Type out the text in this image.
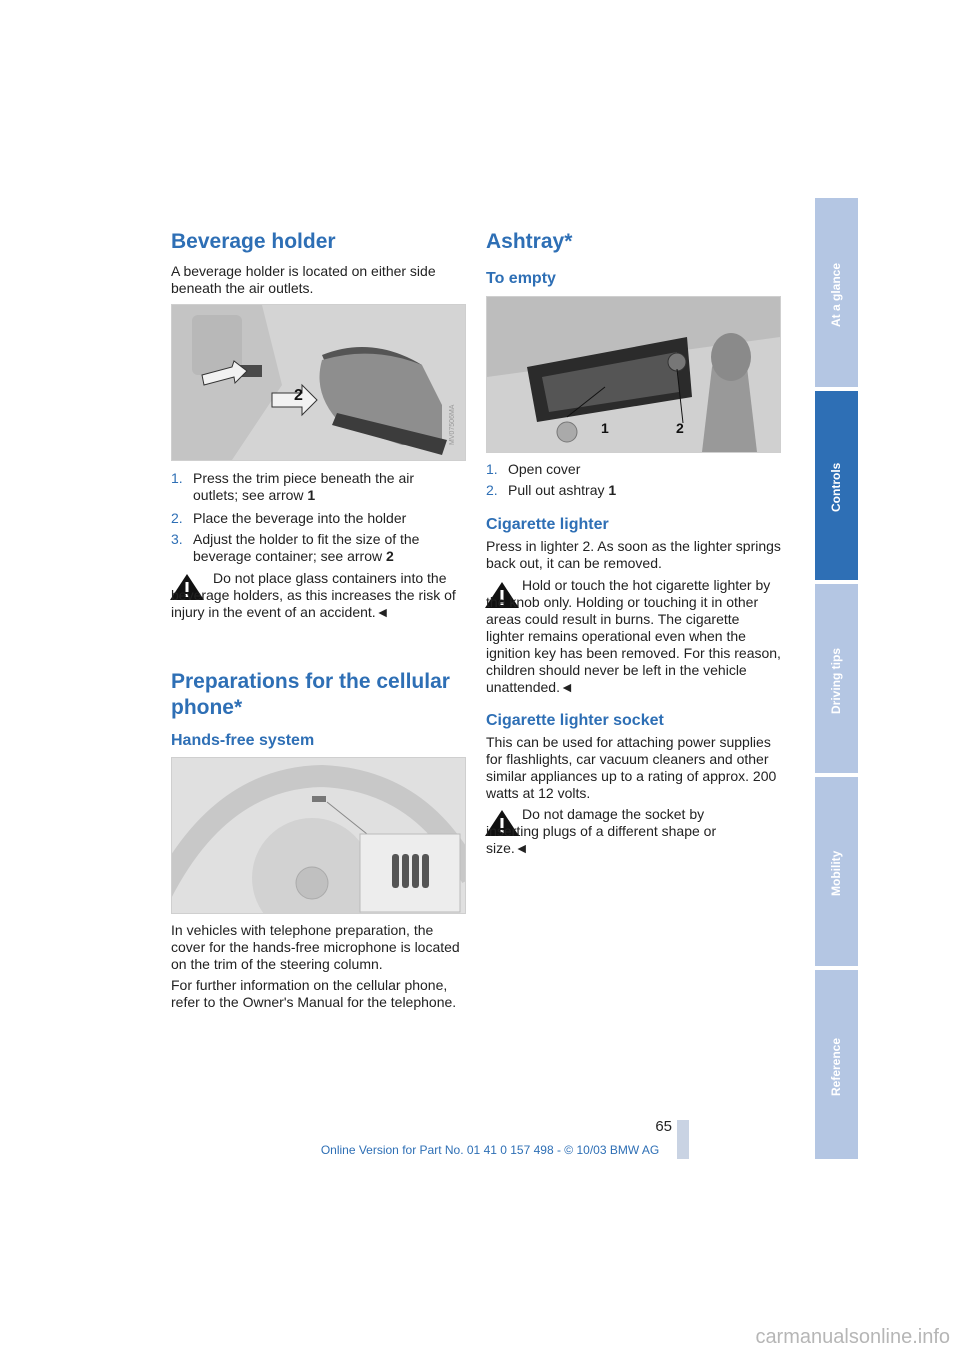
Beverage holder

A beverage holder is located on either side beneath the air outlets.

MV07506MA
2
1. Press the trim piece beneath the air outlets; see arrow 1
2. Place the beverage into the holder
3. Adjust the holder to fit the size of the beverage container; see arrow 2

Do not place glass containers into the beverage holders, as this increases the risk of injury in the event of an accident.◄

Preparations for the cellular phone*
Hands-free system

In vehicles with telephone preparation, the cover for the hands-free microphone is located on the trim of the steering column.

For further information on the cellular phone, refer to the Owner's Manual for the telephone.

Ashtray*
To empty
1	2
1. Open cover
2. Pull out ashtray 1
Cigarette lighter

Press in lighter 2. As soon as the lighter springs back out, it can be removed.

Hold or touch the hot cigarette lighter by the knob only. Holding or touching it in other areas could result in burns. The cigarette lighter remains operational even when the ignition key has been removed. For this reason, children should never be left in the vehicle unattended.◄

Cigarette lighter socket

This can be used for attaching power supplies for flashlights, car vacuum cleaners and other similar appliances up to a rating of approx. 200 watts at 12 volts.

Do not damage the socket by inserting plugs of a different shape or size.◄

At a glance
Controls
Driving tips
Mobility
Reference
65
Online Version for Part No. 01 41 0 157 498 - © 10/03 BMW AG
carmanualsonline.info
